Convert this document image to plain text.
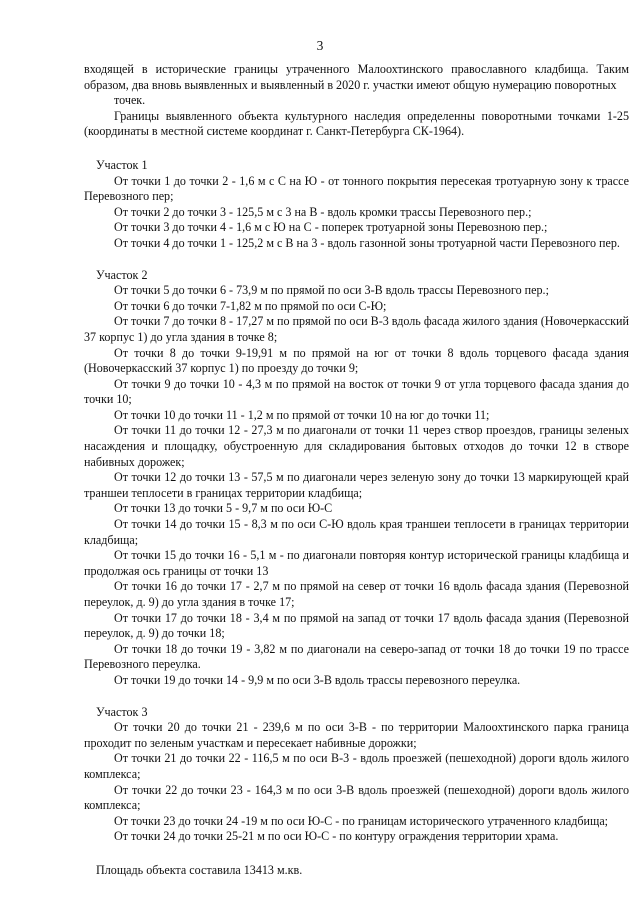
3

входящей в исторические границы утраченного Малоохтинского православного кладбища. Таким образом, два вновь выявленных и выявленный в 2020 г. участки имеют общую нумерацию поворотных

точек.

Границы выявленного объекта культурного наследия определенны поворотными точками 1-25 (координаты в местной системе координат г. Санкт-Петербурга СК-1964).

Участок 1

От точки 1 до точки 2 - 1,6 м с С на Ю - от тонного покрытия пересекая тротуарную зону к трассе Перевозного пер;

От точки 2 до точки 3 - 125,5 м с 3 на В - вдоль кромки трассы Перевозного пер.;

От точки 3 до точки 4 - 1,6 м с Ю на С - поперек тротуарной зоны Перевозною пер.;

От точки 4 до точки 1 - 125,2 м с В на 3 - вдоль газонной зоны тротуарной части Перевозного пер.

Участок 2

От точки 5 до точки 6 - 73,9 м по прямой по оси 3-В вдоль трассы Перевозного пер.;

От точки 6 до точки 7-1,82 м по прямой по оси С-Ю;

От точки 7 до точки 8 - 17,27 м по прямой по оси В-3 вдоль фасада жилого здания (Новочеркасский 37 корпус 1) до угла здания в точке 8;

От точки 8 до точки 9-19,91 м по прямой на юг от точки 8 вдоль торцевого фасада здания (Новочеркасский 37 корпус 1) по проезду до точки 9;

От точки 9 до точки 10 - 4,3 м по прямой на восток от точки 9 от угла торцевого фасада здания до точки 10;

От точки 10 до точки 11 - 1,2 м по прямой от точки 10 на юг до точки 11;

От точки 11 до точки 12 - 27,3 м по диагонали от точки 11 через створ проездов, границы зеленых насаждения и площадку, обустроенную для складирования бытовых отходов до точки 12 в створе набивных дорожек;

От точки 12 до точки 13 - 57,5 м по диагонали через зеленую зону до точки 13 маркирующей край траншеи теплосети в границах территории кладбища;

От точки 13 до точки 5 - 9,7 м по оси Ю-С

От точки 14 до точки 15 - 8,3 м по оси С-Ю вдоль края траншеи теплосети в границах территории кладбища;

От точки 15 до точки 16 - 5,1 м - по диагонали повторяя контур исторической границы кладбища и продолжая ось границы от точки 13

От точки 16 до точки 17 - 2,7 м по прямой на север от точки 16 вдоль фасада здания (Перевозной переулок, д. 9) до угла здания в точке 17;

От точки 17 до точки 18 - 3,4 м по прямой на запад от точки 17 вдоль фасада здания (Перевозной переулок, д. 9) до точки 18;

От точки 18 до точки 19 - 3,82 м по диагонали на северо-запад от точки 18 до точки 19 по трассе Перевозного переулка.

От точки 19 до точки 14 - 9,9 м по оси 3-В вдоль трассы перевозного переулка.

Участок 3

От точки 20 до точки 21 - 239,6 м по оси 3-В - по территории Малоохтинского парка граница проходит по зеленым участкам и пересекает набивные дорожки;

От точки 21 до точки 22 - 116,5 м по оси В-3 - вдоль проезжей (пешеходной) дороги вдоль жилого комплекса;

От точки 22 до точки 23 - 164,3 м по оси 3-В вдоль проезжей (пешеходной) дороги вдоль жилого комплекса;

От точки 23 до точки 24 -19 м по оси Ю-С - по границам исторического утраченного кладбища;

От точки 24 до точки 25-21 м по оси Ю-С - по контуру ограждения территории храма.

Площадь объекта составила 13413 м.кв.
